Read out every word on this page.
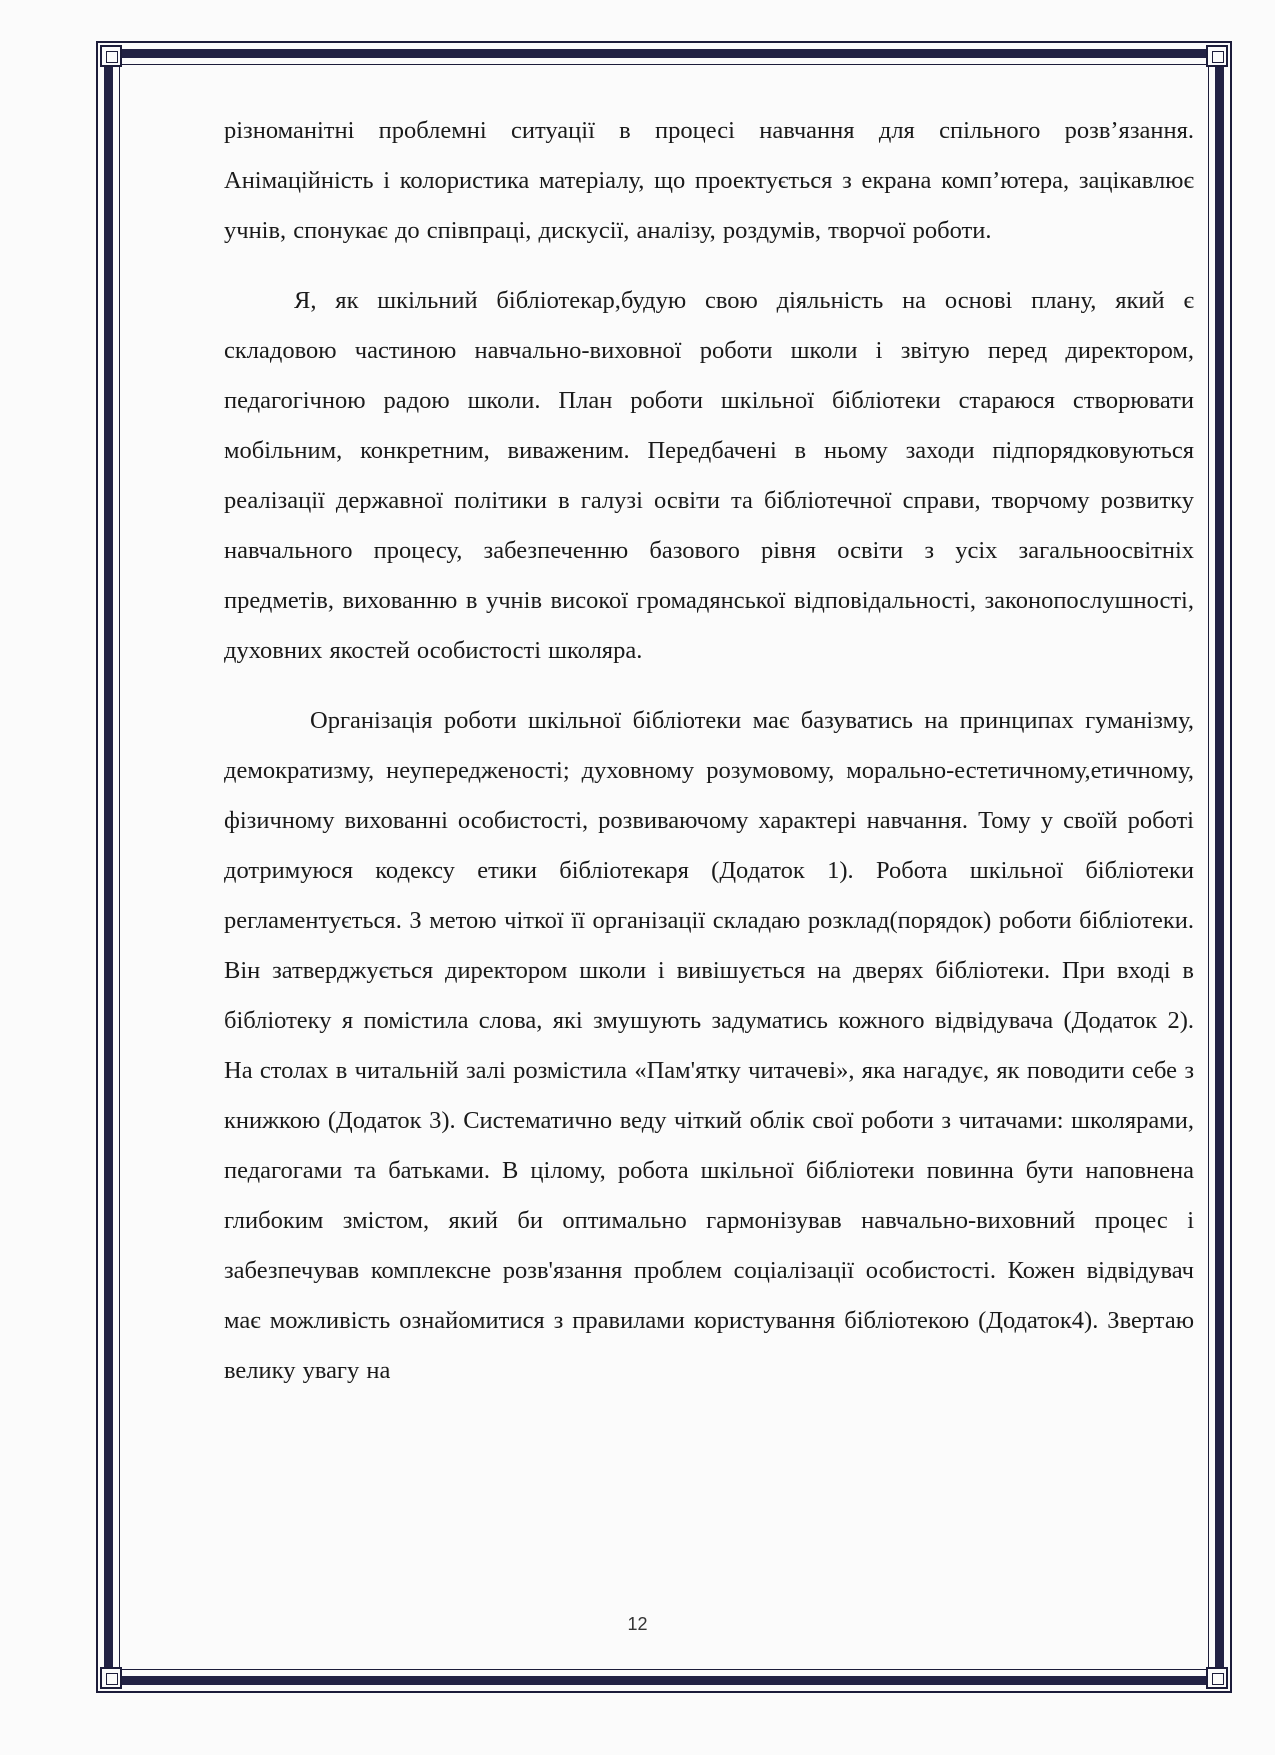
різноманітні проблемні ситуації в процесі навчання для спільного розв’язання. Анімаційність і колористика матеріалу, що проектується з екрана комп’ютера, зацікавлює учнів, спонукає до співпраці, дискусії, аналізу, роздумів, творчої роботи.

Я, як шкільний бібліотекар,будую свою діяльність на основі плану, який є складовою частиною навчально-виховної роботи школи і звітую перед директором, педагогічною радою школи. План роботи шкільної бібліотеки стараюся створювати мобільним, конкретним, виваженим. Передбачені в ньому заходи підпорядковуються реалізації державної політики в галузі освіти та бібліотечної справи, творчому розвитку навчального процесу, забезпеченню базового рівня освіти з усіх загальноосвітніх предметів, вихованню в учнів високої громадянської відповідальності, законопослушності, духовних якостей особистості школяра.

Організація роботи шкільної бібліотеки має базуватись на принципах гуманізму, демократизму, неупередженості; духовному розумовому, морально-естетичному,етичному, фізичному вихованні особистості, розвиваючому характері навчання. Тому у своїй роботі дотримуюся кодексу етики бібліотекаря (Додаток 1). Робота шкільної бібліотеки регламентується. З метою чіткої її організації складаю розклад(порядок) роботи бібліотеки. Він затверджується директором школи і вивішується на дверях бібліотеки. При вході в бібліотеку я помістила слова, які змушують задуматись кожного відвідувача (Додаток 2). На столах в читальній залі розмістила «Пам'ятку читачеві», яка нагадує, як поводити себе з книжкою (Додаток 3). Систематично веду чіткий облік свої роботи з читачами: школярами, педагогами та батьками. В цілому, робота шкільної бібліотеки повинна бути наповнена глибоким змістом, який би оптимально гармонізував навчально-виховний процес і забезпечував комплексне розв'язання проблем соціалізації особистості. Кожен відвідувач має можливість ознайомитися з правилами користування бібліотекою (Додаток4). Звертаю велику увагу на

12
